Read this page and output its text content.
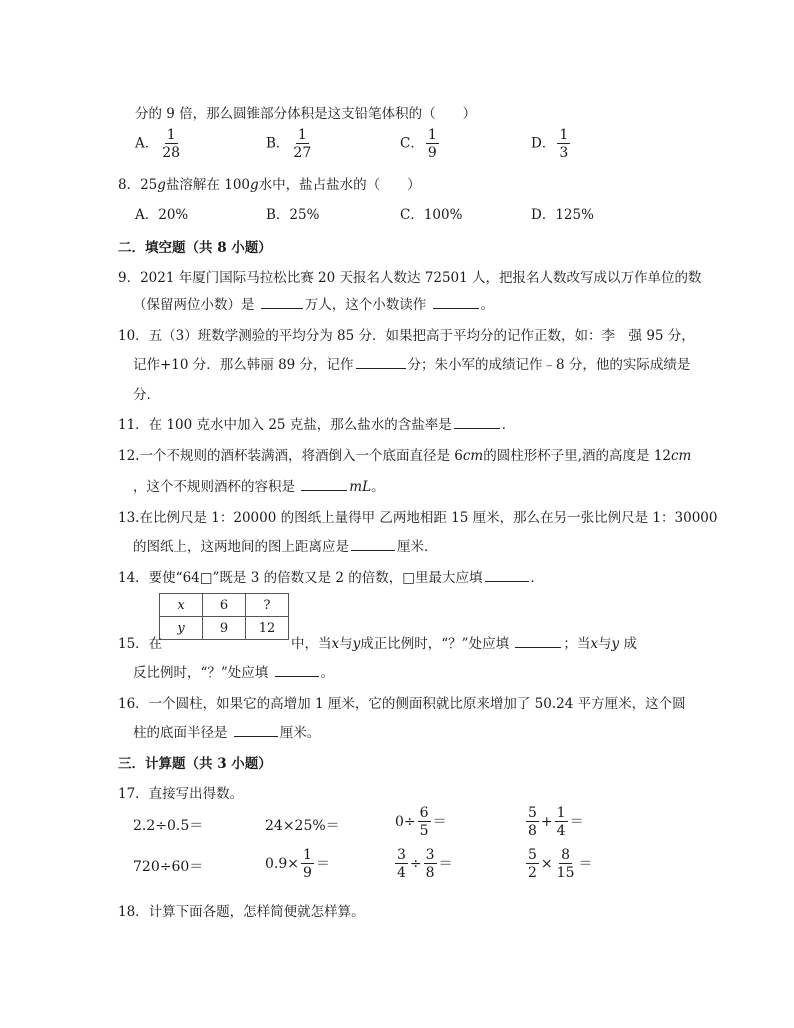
分的 9 倍，那么圆锥部分体积是这支铅笔体积的（　　）
A． $\frac{1}{28}$	B． $\frac{1}{27}$	C． $\frac{1}{9}$	D． $\frac{1}{3}$
8．25g盐溶解在 100g水中，盐占盐水的（　　）
A．20%	B．25%	C．100%	D．125%
二．填空题（共 8 小题）
9．2021 年厦门国际马拉松比赛 20 天报名人数达 72501 人，把报名人数改写成以万作单位的数
（保留两位小数）是	万人，这个小数读作	。
10．五（3）班数学测验的平均分为 85 分．如果把高于平均分的记作正数，如：李　强 95 分，
记作+10 分．那么韩丽 89 分，记作	分；朱小军的成绩记作﹣8 分，他的实际成绩是
分．
11．在 100 克水中加入 25 克盐，那么盐水的含盐率是	．
12.一个不规则的酒杯装满酒，将酒倒入一个底面直径是 6cm的圆柱形杯子里,酒的高度是 12cm
，这个不规则酒杯的容积是	mL。
13.在比例尺是 1：20000 的图纸上量得甲 乙两地相距 15 厘米，那么在另一张比例尺是 1：30000
的图纸上，这两地间的图上距离应是	厘米．
14．要使“64□”既是 3 的倍数又是 2 的倍数，□里最大应填	．
x	6	?
y	9	12
15．在	中，当x与y成正比例时，“？”处应填	；当x与y 成
反比例时，“？”处应填	。
16．一个圆柱，如果它的高增加 1 厘米，它的侧面积就比原来增加了 50.24 平方厘米，这个圆
柱的底面半径是	厘米。
三．计算题（共 3 小题）
17．直接写出得数。
2.2÷0.5＝	24×25%＝	$0\div \frac{6}{5}$ ＝	$\frac{5}{8} + \frac{1}{4}$ ＝
720÷60＝	$0.9\times \frac{1}{9}$ ＝	$\frac{3}{4} \div \frac{3}{8}$ ＝	$\frac{5}{2} \times \frac{8}{15}$ ＝
18．计算下面各题，怎样简便就怎样算。
